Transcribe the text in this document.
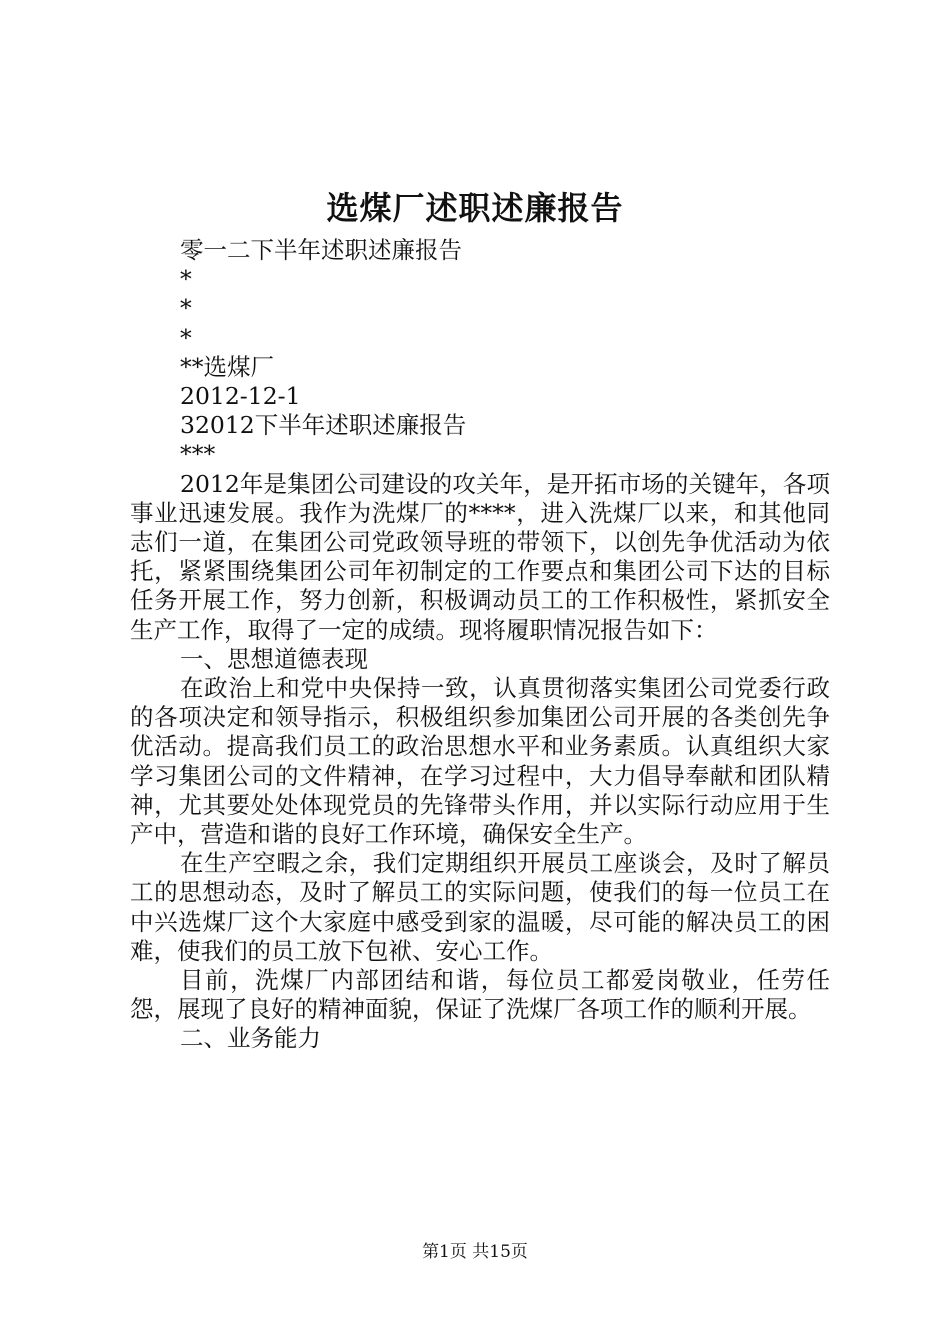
选煤厂述职述廉报告
零一二下半年述职述廉报告
*
*
*
**选煤厂
2012-12-1
32012下半年述职述廉报告
***

2012年是集团公司建设的攻关年，是开拓市场的关键年，各项事业迅速发展。我作为洗煤厂的****，进入洗煤厂以来，和其他同志们一道，在集团公司党政领导班的带领下，以创先争优活动为依托，紧紧围绕集团公司年初制定的工作要点和集团公司下达的目标任务开展工作，努力创新，积极调动员工的工作积极性，紧抓安全生产工作，取得了一定的成绩。现将履职情况报告如下：

一、思想道德表现

在政治上和党中央保持一致，认真贯彻落实集团公司党委行政的各项决定和领导指示，积极组织参加集团公司开展的各类创先争优活动。提高我们员工的政治思想水平和业务素质。认真组织大家学习集团公司的文件精神，在学习过程中，大力倡导奉献和团队精神，尤其要处处体现党员的先锋带头作用，并以实际行动应用于生产中，营造和谐的良好工作环境，确保安全生产。

在生产空暇之余，我们定期组织开展员工座谈会，及时了解员工的思想动态，及时了解员工的实际问题，使我们的每一位员工在中兴选煤厂这个大家庭中感受到家的温暖，尽可能的解决员工的困难，使我们的员工放下包袱、安心工作。

目前，洗煤厂内部团结和谐，每位员工都爱岗敬业，任劳任怨，展现了良好的精神面貌，保证了洗煤厂各项工作的顺利开展。

二、业务能力

第1页 共15页
